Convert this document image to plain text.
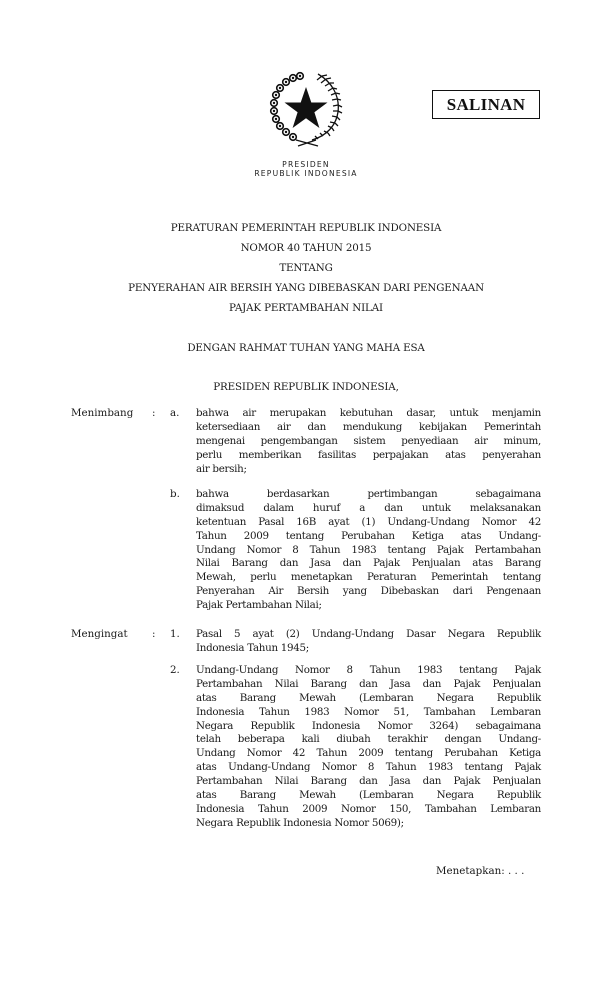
SALINAN
PRESIDEN
REPUBLIK INDONESIA
PERATURAN PEMERINTAH REPUBLIK INDONESIA
NOMOR 40 TAHUN 2015
TENTANG
PENYERAHAN AIR BERSIH YANG DIBEBASKAN DARI PENGENAAN
PAJAK PERTAMBAHAN NILAI
DENGAN RAHMAT TUHAN YANG MAHA ESA
PRESIDEN REPUBLIK INDONESIA,
Menimbang : a. bahwa air merupakan kebutuhan dasar, untuk menjamin
ketersediaan air dan mendukung kebijakan Pemerintah
mengenai pengembangan sistem penyediaan air minum,
perlu memberikan fasilitas perpajakan atas penyerahan
air bersih;
b. bahwa berdasarkan pertimbangan sebagaimana
dimaksud dalam huruf a dan untuk melaksanakan
ketentuan Pasal 16B ayat (1) Undang-Undang Nomor 42
Tahun 2009 tentang Perubahan Ketiga atas Undang-
Undang Nomor 8 Tahun 1983 tentang Pajak Pertambahan
Nilai Barang dan Jasa dan Pajak Penjualan atas Barang
Mewah, perlu menetapkan Peraturan Pemerintah tentang
Penyerahan Air Bersih yang Dibebaskan dari Pengenaan
Pajak Pertambahan Nilai;
Mengingat : 1. Pasal 5 ayat (2) Undang-Undang Dasar Negara Republik
Indonesia Tahun 1945;
2. Undang-Undang Nomor 8 Tahun 1983 tentang Pajak
Pertambahan Nilai Barang dan Jasa dan Pajak Penjualan
atas Barang Mewah (Lembaran Negara Republik
Indonesia Tahun 1983 Nomor 51, Tambahan Lembaran
Negara Republik Indonesia Nomor 3264) sebagaimana
telah beberapa kali diubah terakhir dengan Undang-
Undang Nomor 42 Tahun 2009 tentang Perubahan Ketiga
atas Undang-Undang Nomor 8 Tahun 1983 tentang Pajak
Pertambahan Nilai Barang dan Jasa dan Pajak Penjualan
atas Barang Mewah (Lembaran Negara Republik
Indonesia Tahun 2009 Nomor 150, Tambahan Lembaran
Negara Republik Indonesia Nomor 5069);
Menetapkan: . . .
